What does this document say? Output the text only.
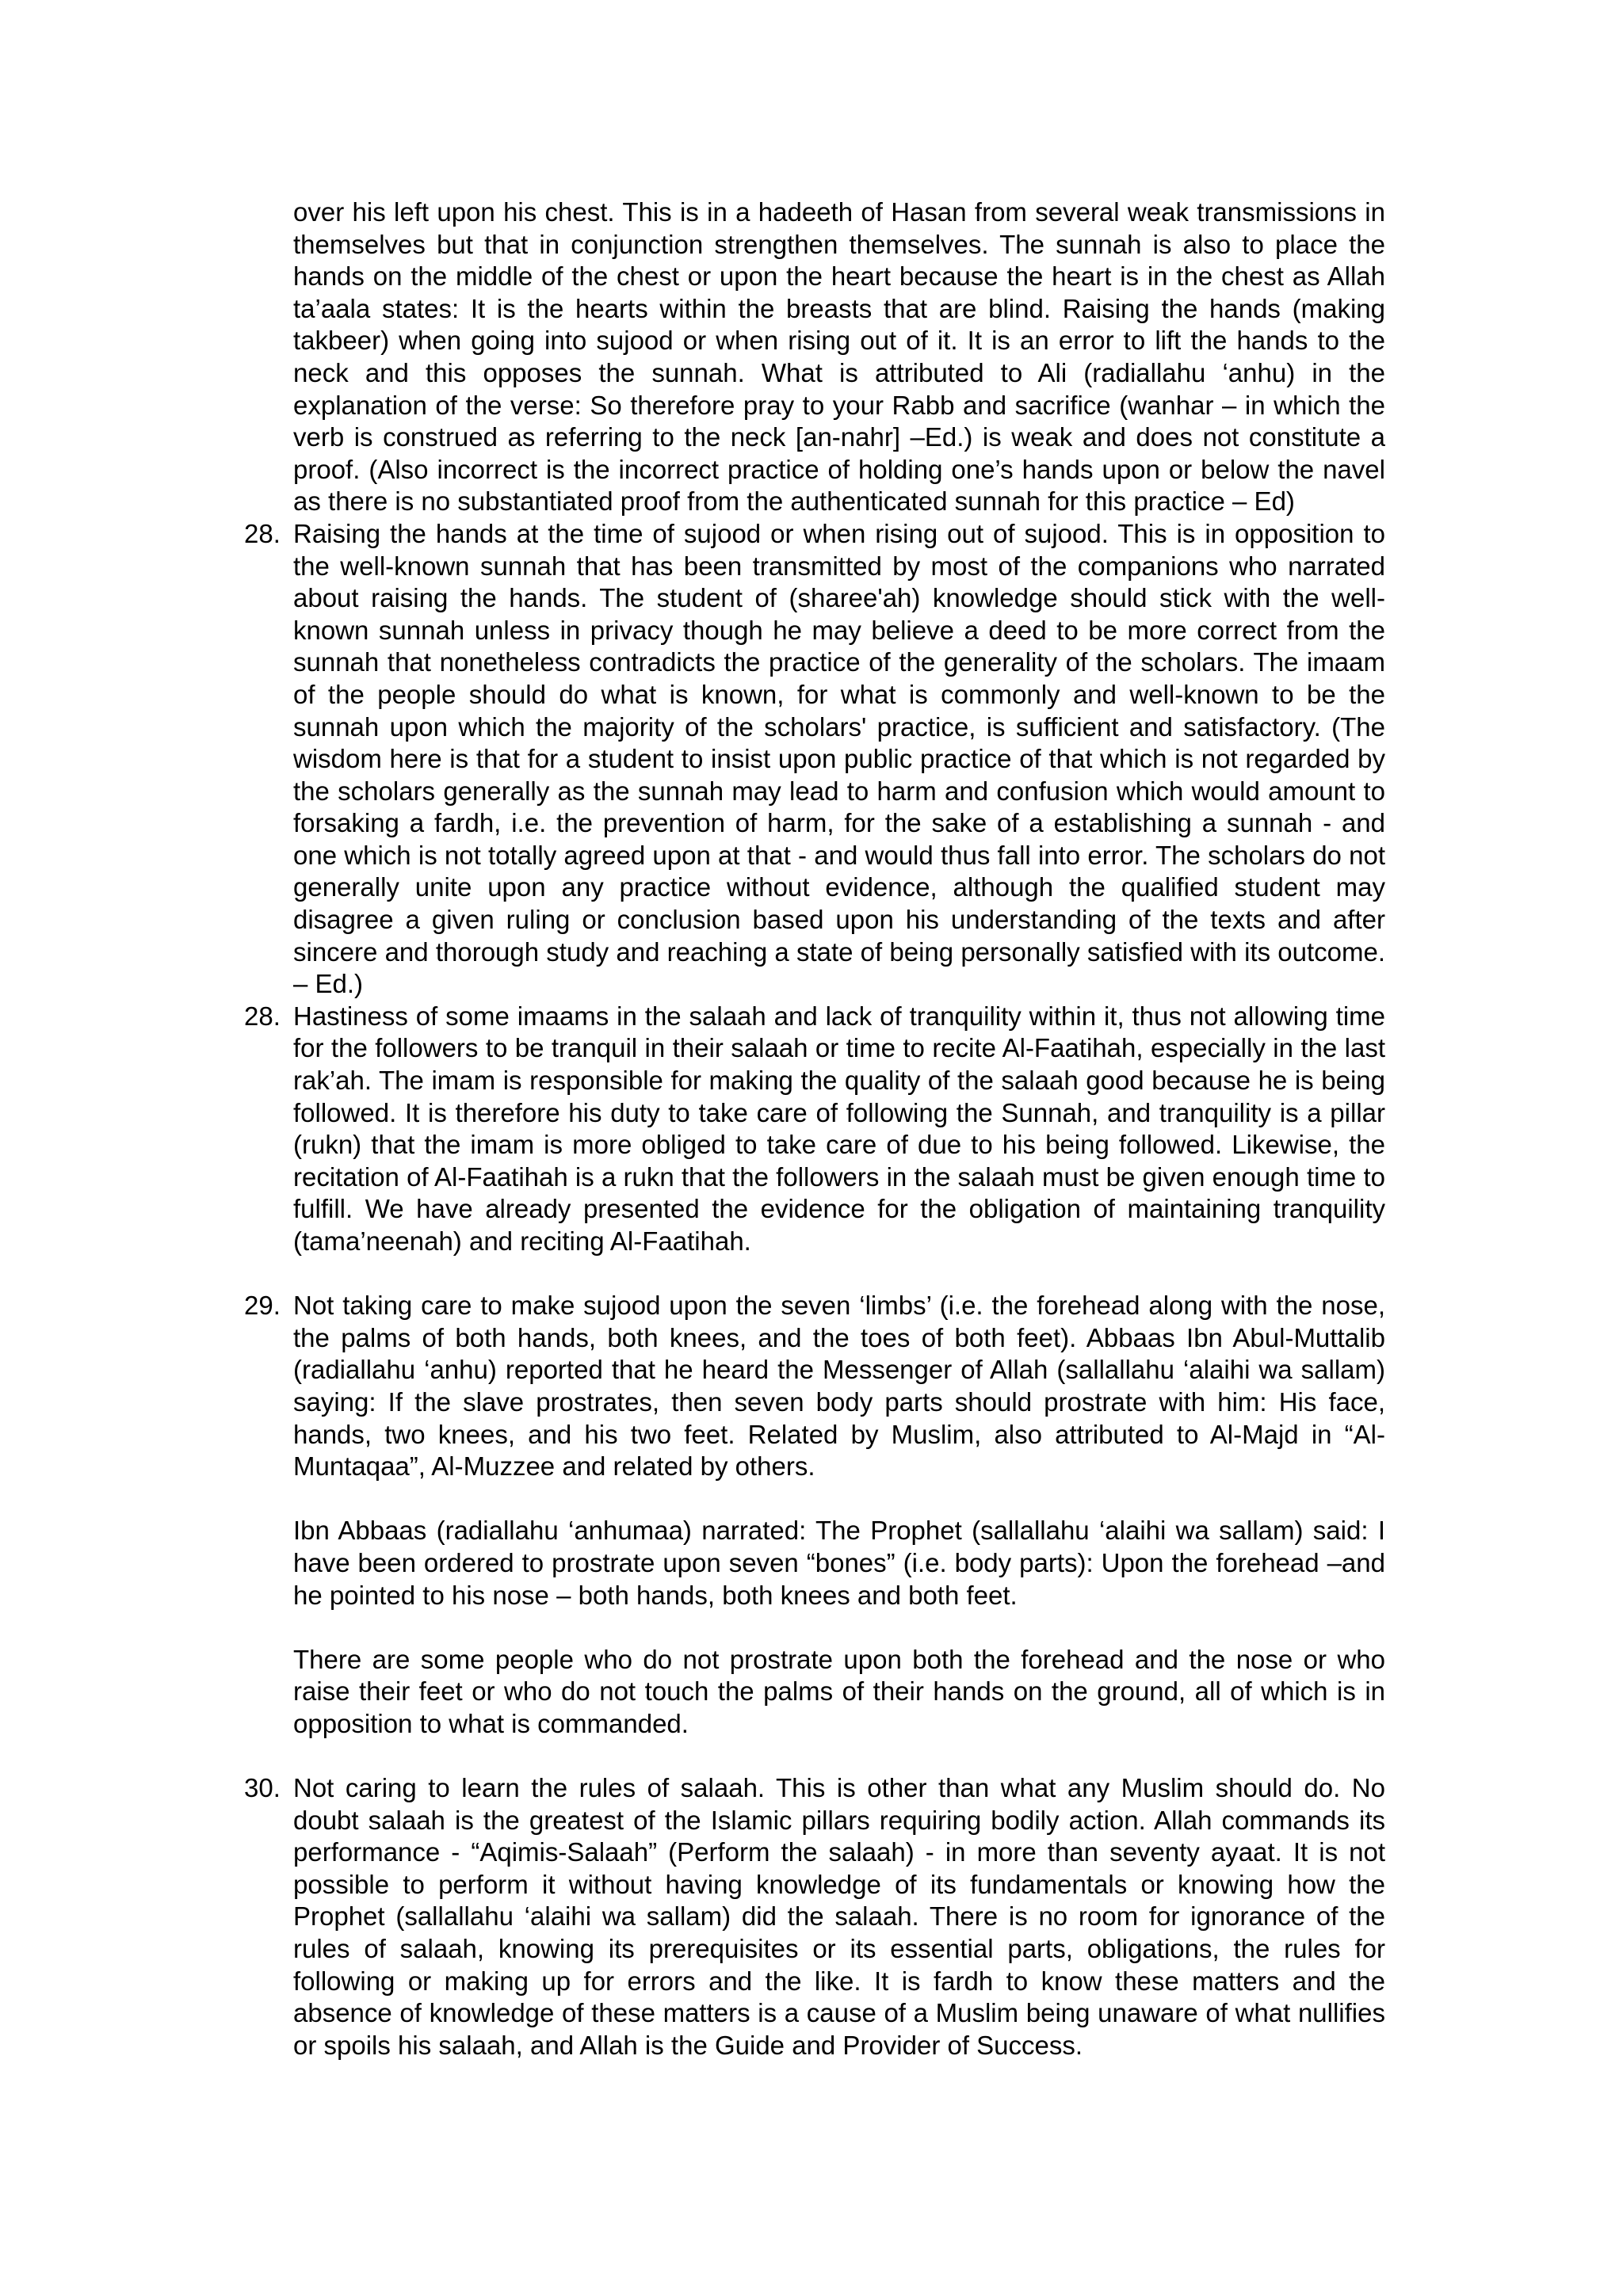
over his left upon his chest. This is in a hadeeth of Hasan from several weak transmissions in themselves but that in conjunction strengthen themselves. The sunnah is also to place the hands on the middle of the chest or upon the heart because the heart is in the chest as Allah ta’aala states: It is the hearts within the breasts that are blind. Raising the hands (making takbeer) when going into sujood or when rising out of it. It is an error to lift the hands to the neck and this opposes the sunnah. What is attributed to Ali (radiallahu ‘anhu) in the explanation of the verse: So therefore pray to your Rabb and sacrifice (wanhar – in which the verb is construed as referring to the neck [an-nahr] –Ed.) is weak and does not constitute a proof. (Also incorrect is the incorrect practice of holding one’s hands upon or below the navel as there is no substantiated proof from the authenticated sunnah for this practice – Ed)

28. Raising the hands at the time of sujood or when rising out of sujood. This is in opposition to the well-known sunnah that has been transmitted by most of the companions who narrated about raising the hands. The student of (sharee'ah) knowledge should stick with the well-known sunnah unless in privacy though he may believe a deed to be more correct from the sunnah that nonetheless contradicts the practice of the generality of the scholars. The imaam of the people should do what is known, for what is commonly and well-known to be the sunnah upon which the majority of the scholars' practice, is sufficient and satisfactory. (The wisdom here is that for a student to insist upon public practice of that which is not regarded by the scholars generally as the sunnah may lead to harm and confusion which would amount to forsaking a fardh, i.e. the prevention of harm, for the sake of a establishing a sunnah - and one which is not totally agreed upon at that - and would thus fall into error. The scholars do not generally unite upon any practice without evidence, although the qualified student may disagree a given ruling or conclusion based upon his understanding of the texts and after sincere and thorough study and reaching a state of being personally satisfied with its outcome. – Ed.)

28. Hastiness of some imaams in the salaah and lack of tranquility within it, thus not allowing time for the followers to be tranquil in their salaah or time to recite Al-Faatihah, especially in the last rak’ah. The imam is responsible for making the quality of the salaah good because he is being followed. It is therefore his duty to take care of following the Sunnah, and tranquility is a pillar (rukn) that the imam is more obliged to take care of due to his being followed. Likewise, the recitation of Al-Faatihah is a rukn that the followers in the salaah must be given enough time to fulfill. We have already presented the evidence for the obligation of maintaining tranquility (tama’neenah) and reciting Al-Faatihah.

29. Not taking care to make sujood upon the seven ‘limbs’ (i.e. the forehead along with the nose, the palms of both hands, both knees, and the toes of both feet). Abbaas Ibn Abul-Muttalib (radiallahu ‘anhu) reported that he heard the Messenger of Allah (sallallahu ‘alaihi wa sallam) saying: If the slave prostrates, then seven body parts should prostrate with him: His face, hands, two knees, and his two feet. Related by Muslim, also attributed to Al-Majd in “Al-Muntaqaa”, Al-Muzzee and related by others.

Ibn Abbaas (radiallahu ‘anhumaa) narrated: The Prophet (sallallahu ‘alaihi wa sallam) said: I have been ordered to prostrate upon seven “bones” (i.e. body parts): Upon the forehead –and he pointed to his nose – both hands, both knees and both feet.

There are some people who do not prostrate upon both the forehead and the nose or who raise their feet or who do not touch the palms of their hands on the ground, all of which is in opposition to what is commanded.

30. Not caring to learn the rules of salaah. This is other than what any Muslim should do. No doubt salaah is the greatest of the Islamic pillars requiring bodily action. Allah commands its performance - “Aqimis-Salaah” (Perform the salaah) - in more than seventy ayaat. It is not possible to perform it without having knowledge of its fundamentals or knowing how the Prophet (sallallahu ‘alaihi wa sallam) did the salaah. There is no room for ignorance of the rules of salaah, knowing its prerequisites or its essential parts, obligations, the rules for following or making up for errors and the like. It is fardh to know these matters and the absence of knowledge of these matters is a cause of a Muslim being unaware of what nullifies or spoils his salaah, and Allah is the Guide and Provider of Success.
